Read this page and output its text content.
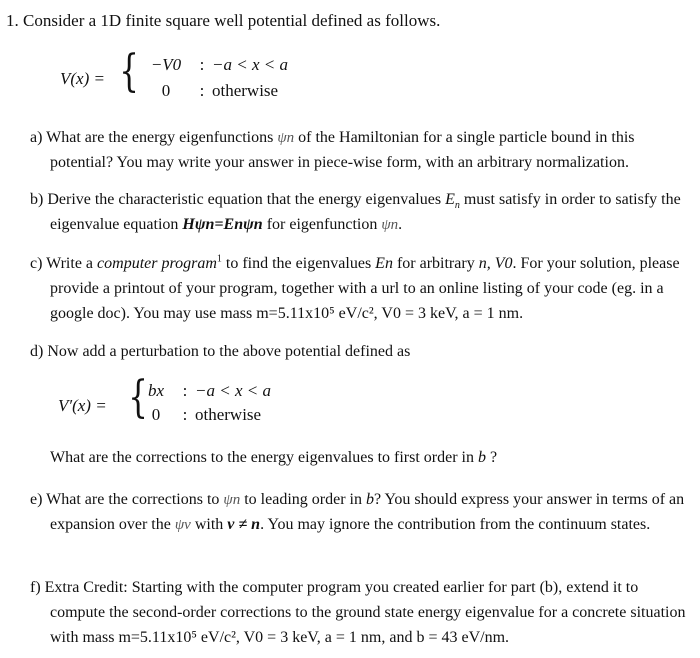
1. Consider a 1D finite square well potential defined as follows.
V(x) = { −V0 : −a < x < a
0 : otherwise

a) What are the energy eigenfunctions ψn of the Hamiltonian for a single particle bound in this potential? You may write your answer in piece-wise form, with an arbitrary normalization.

b) Derive the characteristic equation that the energy eigenvalues $E_n$ must satisfy in order to satisfy the eigenvalue equation Hψn=Enψn for eigenfunction ψn.

c) Write a computer program$^1$ to find the eigenvalues En for arbitrary n, V0. For your solution, please provide a printout of your program, together with a url to an online listing of your code (eg. in a google doc). You may use mass m=5.11x10⁵ eV/c², V0 = 3 keV, a = 1 nm.

d) Now add a perturbation to the above potential defined as

V′(x) = { bx : −a < x < a
0 : otherwise
What are the corrections to the energy eigenvalues to first order in b ?

e) What are the corrections to ψn to leading order in b? You should express your answer in terms of an expansion over the ψν with ν ≠ n. You may ignore the contribution from the continuum states.

f) Extra Credit: Starting with the computer program you created earlier for part (b), extend it to compute the second-order corrections to the ground state energy eigenvalue for a concrete situation with mass m=5.11x10⁵ eV/c², V0 = 3 keV, a = 1 nm, and b = 43 eV/nm.
